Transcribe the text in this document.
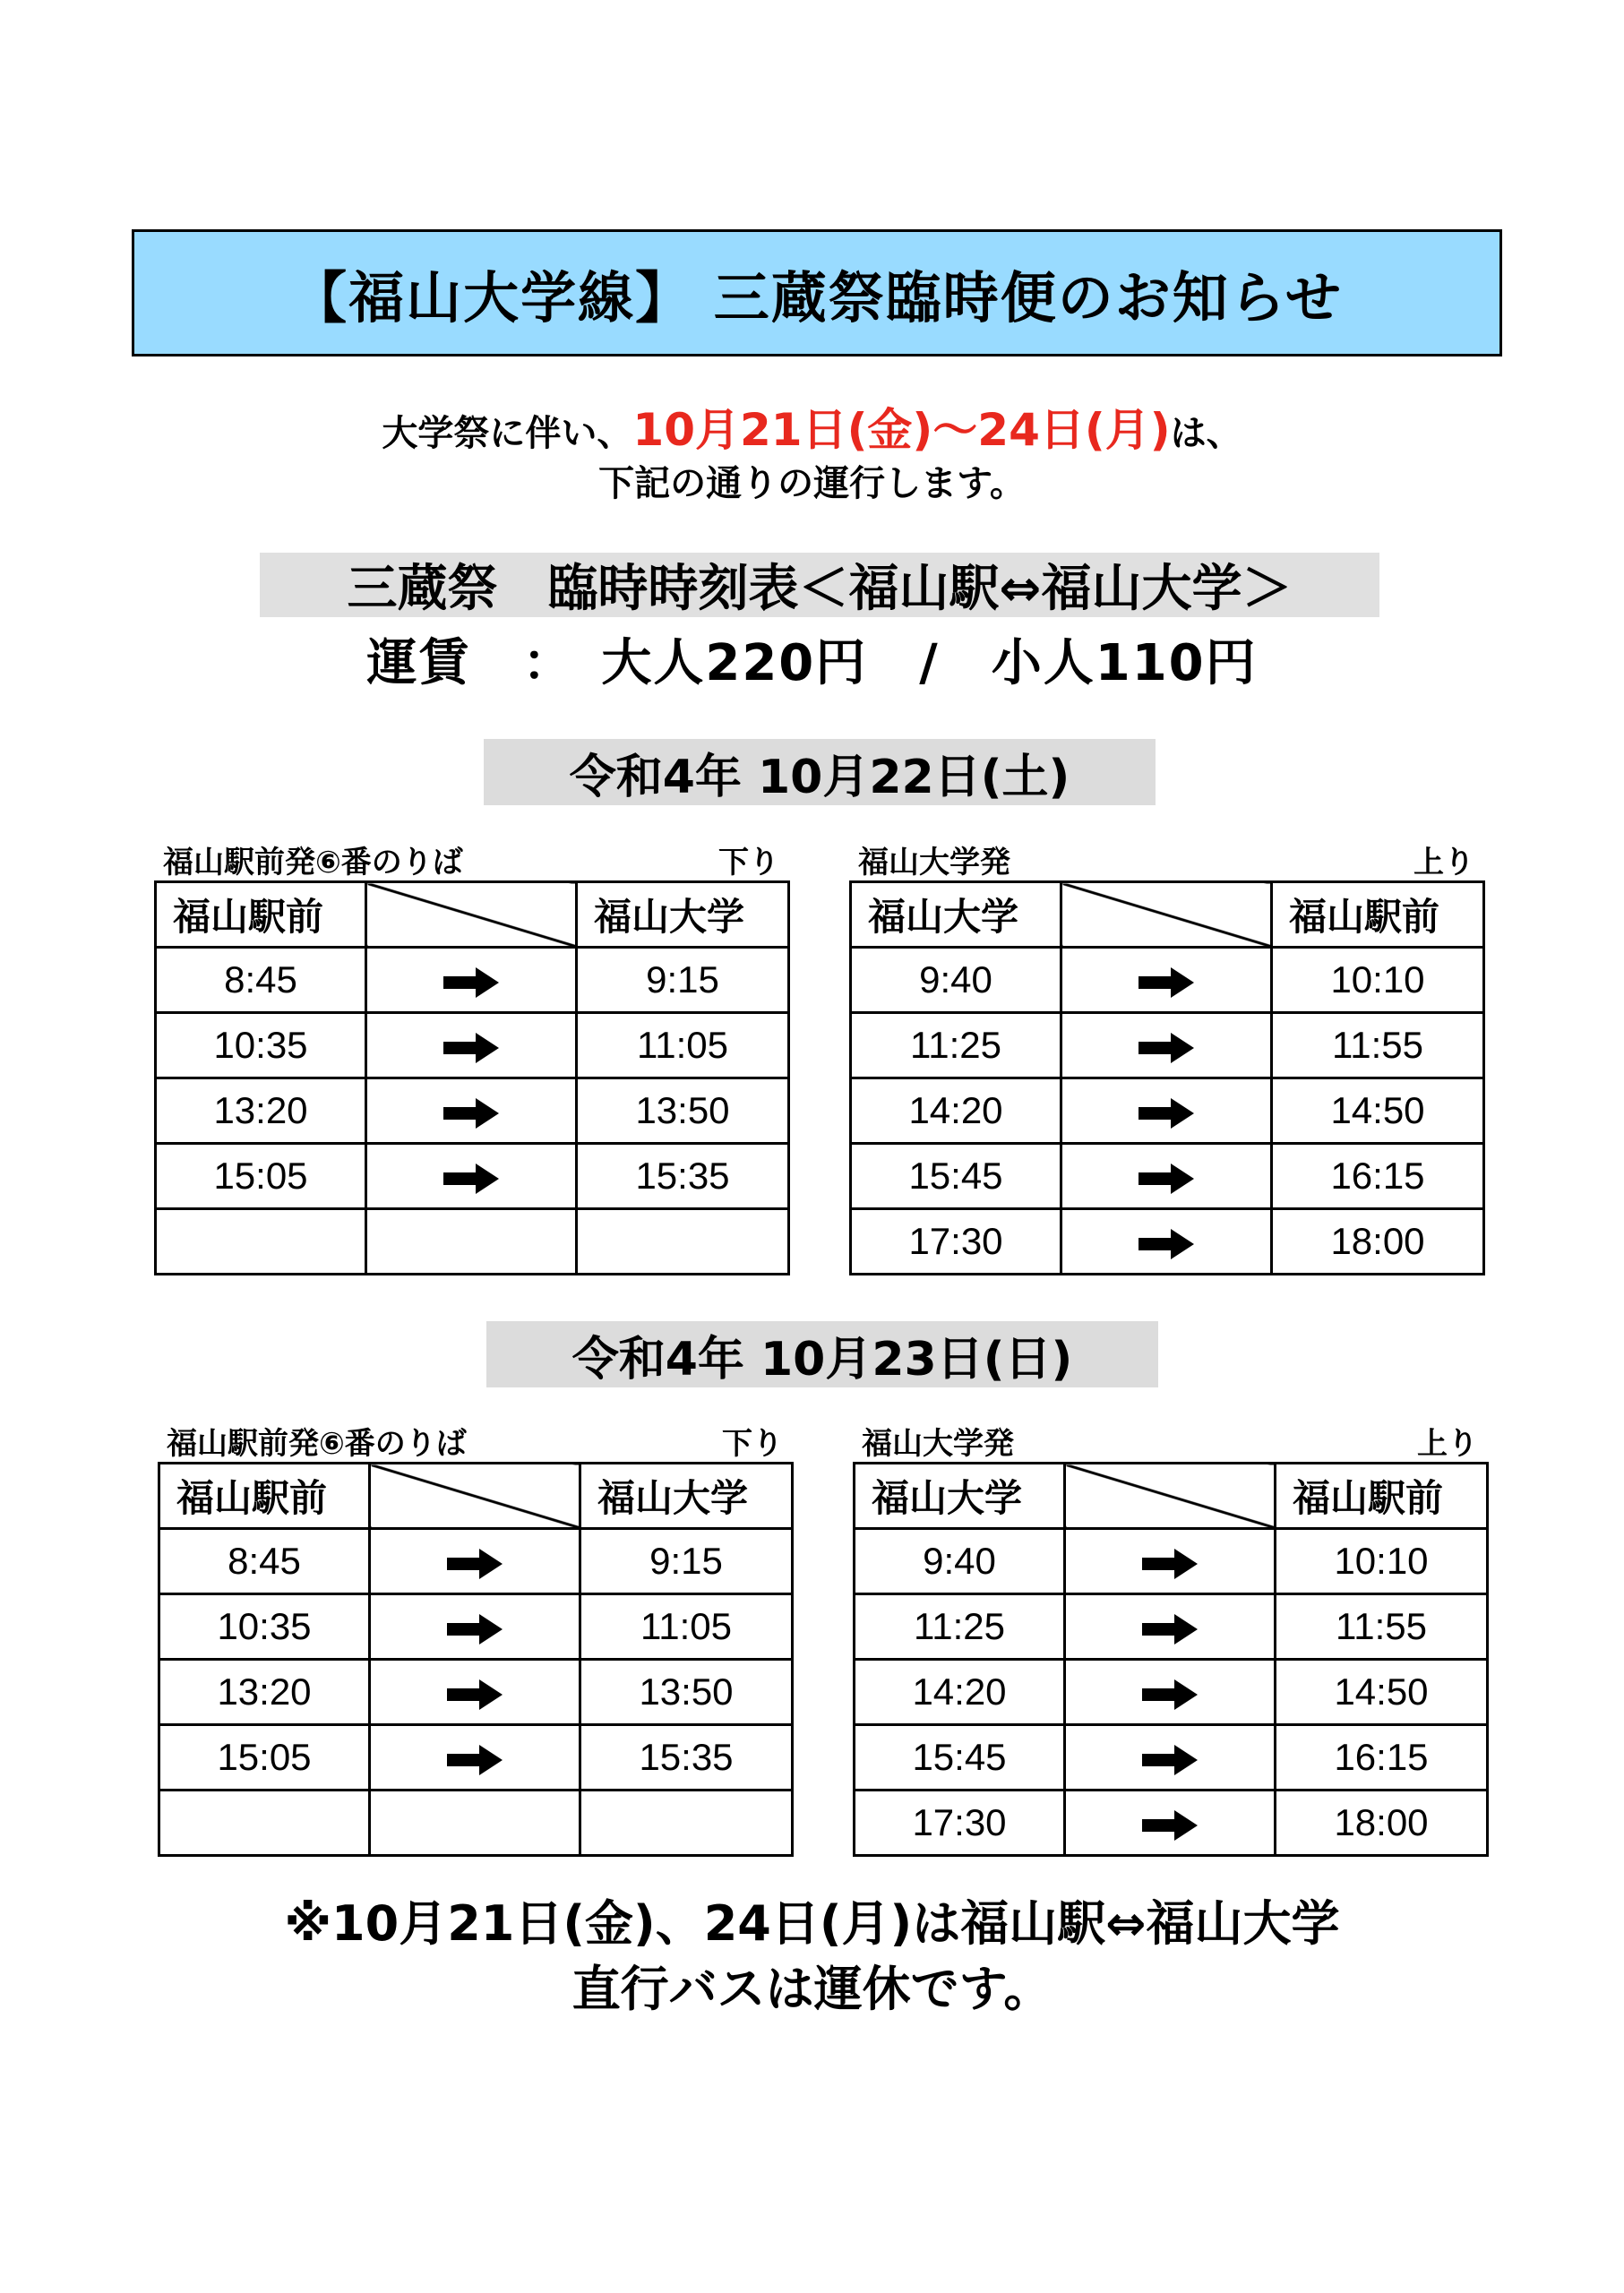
【福山大学線】 三蔵祭臨時便のお知らせ
大学祭に伴い、10月21日(金)～24日(月)は、
下記の通りの運行します。
三蔵祭　臨時時刻表＜福山駅⇔福山大学＞
運賃　：　大人220円　/　小人110円
令和4年 10月22日(土)
福山駅前発⑥番のりば	下り	福山大学発	上り
福山駅前		福山大学
8:45		9:15
10:35		11:05
13:20		13:50
15:05		15:35

福山大学		福山駅前
9:40		10:10
11:25		11:55
14:20		14:50
15:45		16:15
17:30		18:00
令和4年 10月23日(日)
福山駅前発⑥番のりば	下り	福山大学発	上り
福山駅前		福山大学
8:45		9:15
10:35		11:05
13:20		13:50
15:05		15:35

福山大学		福山駅前
9:40		10:10
11:25		11:55
14:20		14:50
15:45		16:15
17:30		18:00
※10月21日(金)、24日(月)は福山駅⇔福山大学
直行バスは運休です。
